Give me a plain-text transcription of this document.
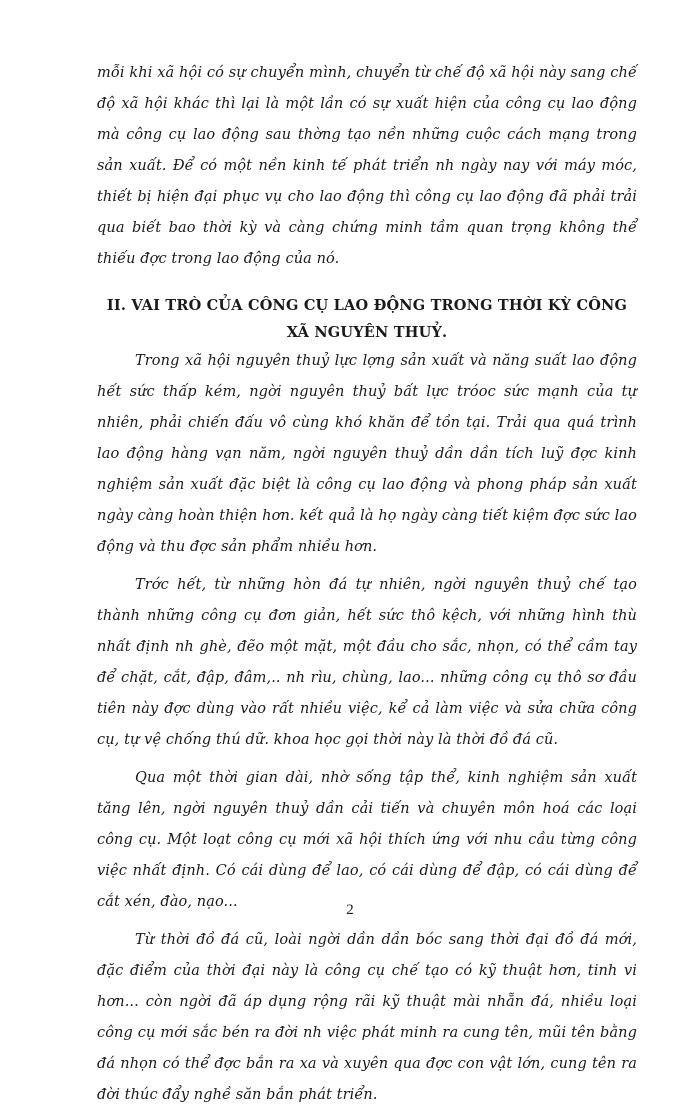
mỗi khi xã hội có sự chuyển mình, chuyển từ chế độ xã hội này sang chế độ xã hội khác thì lại là một lần có sự xuất hiện của công cụ lao động mà công cụ lao động sau thờng tạo nền những cuộc cách mạng trong sản xuất. Để có một nền kinh tế phát triển nh ngày nay với máy móc, thiết bị hiện đại phục vụ cho lao động thì công cụ lao động đã phải trải qua biết bao thời kỳ và càng chứng minh tầm quan trọng không thể thiếu đợc trong lao động của nó.

II. VAI TRÒ CỦA CÔNG CỤ LAO ĐỘNG TRONG THỜI KỲ CÔNG XÃ NGUYÊN THUỶ.

Trong xã hội nguyên thuỷ lực lợng sản xuất và năng suất lao động hết sức thấp kém, ngời nguyên thuỷ bất lực tróoc sức mạnh của tự nhiên, phải chiến đấu vô cùng khó khăn để tồn tại. Trải qua quá trình lao động hàng vạn năm, ngời nguyên thuỷ dần dần tích luỹ đợc kinh nghiệm sản xuất đặc biệt là công cụ lao động và phong pháp sản xuất ngày càng hoàn thiện hơn. kết quả là họ ngày càng tiết kiệm đợc sức lao động và thu đợc sản phẩm nhiều hơn.

Trớc hết, từ những hòn đá tự nhiên, ngời nguyên thuỷ chế tạo thành những công cụ đơn giản, hết sức thô kệch, với những hình thù nhất định nh ghè, đẽo một mặt, một đầu cho sắc, nhọn, có thể cầm tay để chặt, cắt, đập, đâm,.. nh rìu, chùng, lao... những công cụ thô sơ đầu tiên này đợc dùng vào rất nhiều việc, kể cả làm việc và sửa chữa công cụ, tự vệ chống thú dữ. khoa học gọi thời này là thời đồ đá cũ.

Qua một thời gian dài, nhờ sống tập thể, kinh nghiệm sản xuất tăng lên, ngời nguyên thuỷ dần cải tiến và chuyên môn hoá các loại công cụ. Một loạt công cụ mới xã hội thích ứng với nhu cầu từng công việc nhất định. Có cái dùng để lao, có cái dùng để đập, có cái dùng để cắt xén, đào, nạo...

Từ thời đồ đá cũ, loài ngời dần dần bóc sang thời đại đồ đá mới, đặc điểm của thời đại này là công cụ chế tạo có kỹ thuật hơn, tinh vi hơn... còn ngời đã áp dụng rộng rãi kỹ thuật mài nhẵn đá, nhiều loại công cụ mới sắc bén ra đời nh việc phát minh ra cung tên, mũi tên bằng đá nhọn có thể đợc bắn ra xa và xuyên qua đợc con vật lớn, cung tên ra đời thúc đẩy nghề săn bắn phát triển.

2
